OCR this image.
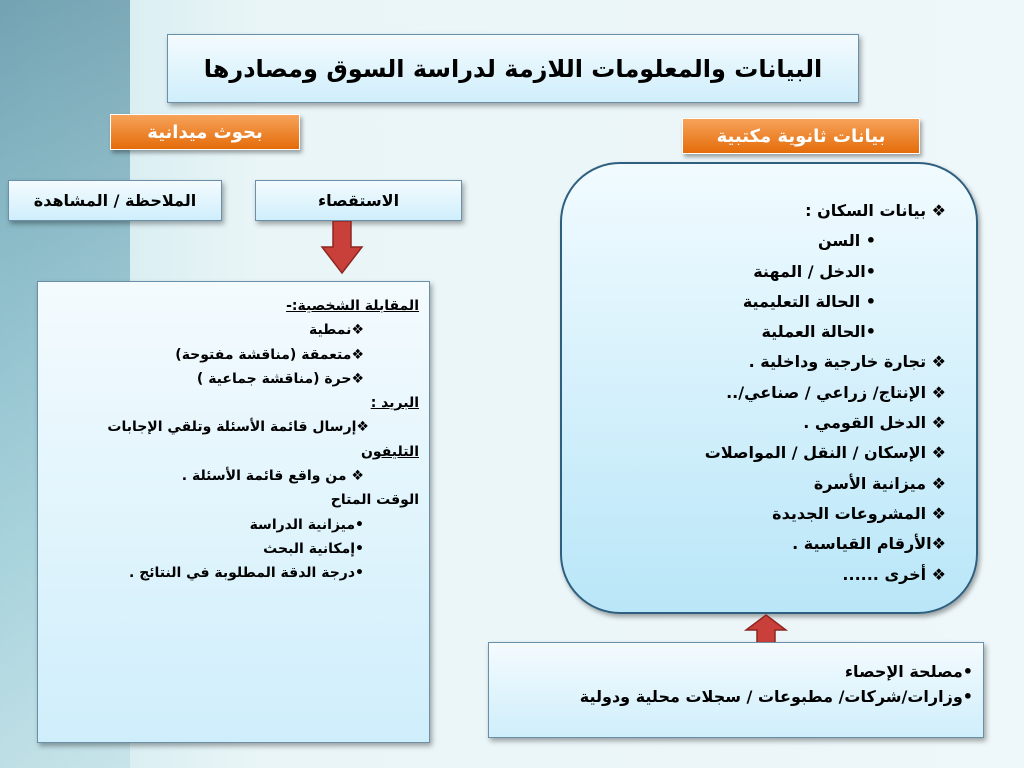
البيانات والمعلومات اللازمة لدراسة السوق ومصادرها
بحوث ميدانية	بيانات ثانوية مكتبية
الملاحظة / المشاهدة	الاستقصاء
المقابلة الشخصية:-
❖نمطية
❖متعمقة (مناقشة مفتوحة)
❖حرة (مناقشة جماعية )
البريد :
❖إرسال قائمة الأسئلة وتلقي الإجابات
التليفون
❖ من واقع قائمة الأسئلة .
الوقت المتاح
•ميزانية الدراسة
•إمكانية البحث
•درجة الدقة المطلوبة في النتائج .
❖ بيانات السكان :
• السن
•الدخل / المهنة
• الحالة التعليمية
•الحالة العملية
❖ تجارة خارجية وداخلية .
❖ الإنتاج/ زراعي / صناعي/..
❖ الدخل القومي .
❖ الإسكان / النقل / المواصلات
❖ ميزانية الأسرة
❖ المشروعات الجديدة
❖الأرقام القياسية .
❖ أخرى ......
•مصلحة الإحصاء
•وزارات/شركات/ مطبوعات / سجلات محلية ودولية
